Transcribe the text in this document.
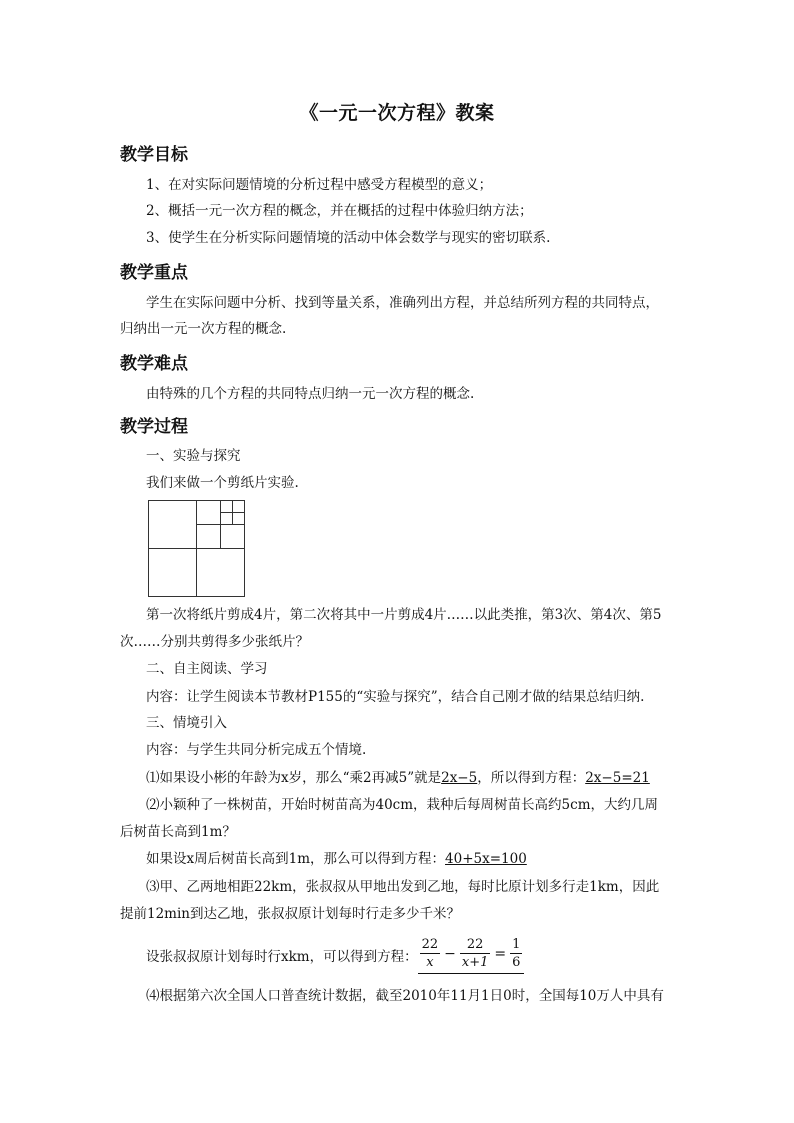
《一元一次方程》教案
教学目标
1、在对实际问题情境的分析过程中感受方程模型的意义；
2、概括一元一次方程的概念，并在概括的过程中体验归纳方法；
3、使学生在分析实际问题情境的活动中体会数学与现实的密切联系.
教学重点
学生在实际问题中分析、找到等量关系，准确列出方程，并总结所列方程的共同特点，
归纳出一元一次方程的概念.
教学难点
由特殊的几个方程的共同特点归纳一元一次方程的概念.
教学过程
一、实验与探究
我们来做一个剪纸片实验.
第一次将纸片剪成4片，第二次将其中一片剪成4片……以此类推，第3次、第4次、第5
次……分别共剪得多少张纸片？
二、自主阅读、学习
内容：让学生阅读本节教材P155的“实验与探究”，结合自己刚才做的结果总结归纳.
三、情境引入
内容：与学生共同分析完成五个情境.
⑴如果设小彬的年龄为x岁，那么“乘2再减5”就是2x−5，所以得到方程：2x−5=21
⑵小颖种了一株树苗，开始时树苗高为40cm，栽种后每周树苗长高约5cm，大约几周
后树苗长高到1m？
如果设x周后树苗长高到1m，那么可以得到方程：40+5x=100
⑶甲、乙两地相距22km，张叔叔从甲地出发到乙地，每时比原计划多行走1km，因此
提前12min到达乙地，张叔叔原计划每时行走多少千米？
设张叔叔原计划每时行xkm，可以得到方程： $\frac{22}{x} - \frac{22}{x+1} = \frac{1}{6}$
⑷根据第六次全国人口普查统计数据，截至2010年11月1日0时，全国每10万人中具有
